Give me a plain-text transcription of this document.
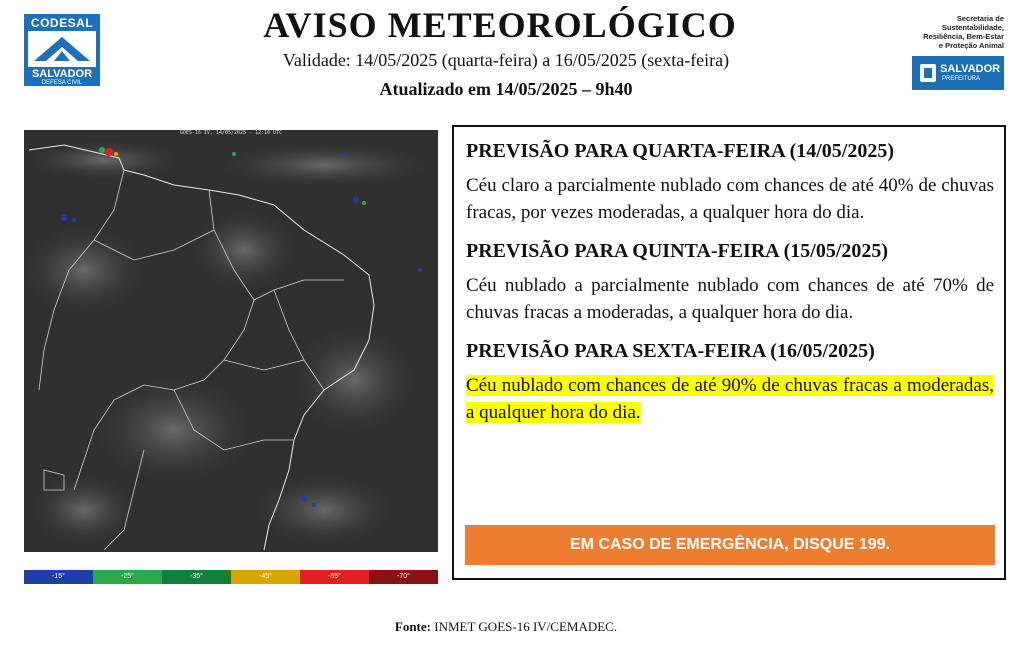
CODESAL
SALVADOR
DEFESA CIVIL
AVISO METEOROLÓGICO
Validade: 14/05/2025 (quarta-feira) a 16/05/2025 (sexta-feira)
Atualizado em 14/05/2025 – 9h40
Secretaria de
Sustentabilidade,
Resiliência, Bem-Estar
e Proteção Animal
SALVADOR
PREFEITURA
GOES-16 IV, 14/05/2025 - 12:10 UTC
-15°	-25°	-35°	-45°	-55°	-70°
PREVISÃO PARA QUARTA-FEIRA (14/05/2025)
Céu claro a parcialmente nublado com chances de até 40% de chuvas fracas, por vezes moderadas, a qualquer hora do dia.
PREVISÃO PARA QUINTA-FEIRA (15/05/2025)
Céu nublado a parcialmente nublado com chances de até 70% de chuvas fracas a moderadas, a qualquer hora do dia.
PREVISÃO PARA SEXTA-FEIRA (16/05/2025)
Céu nublado com chances de até 90% de chuvas fracas a moderadas, a qualquer hora do dia.
EM CASO DE EMERGÊNCIA, DISQUE 199.
Fonte: INMET GOES-16 IV/CEMADEC.
